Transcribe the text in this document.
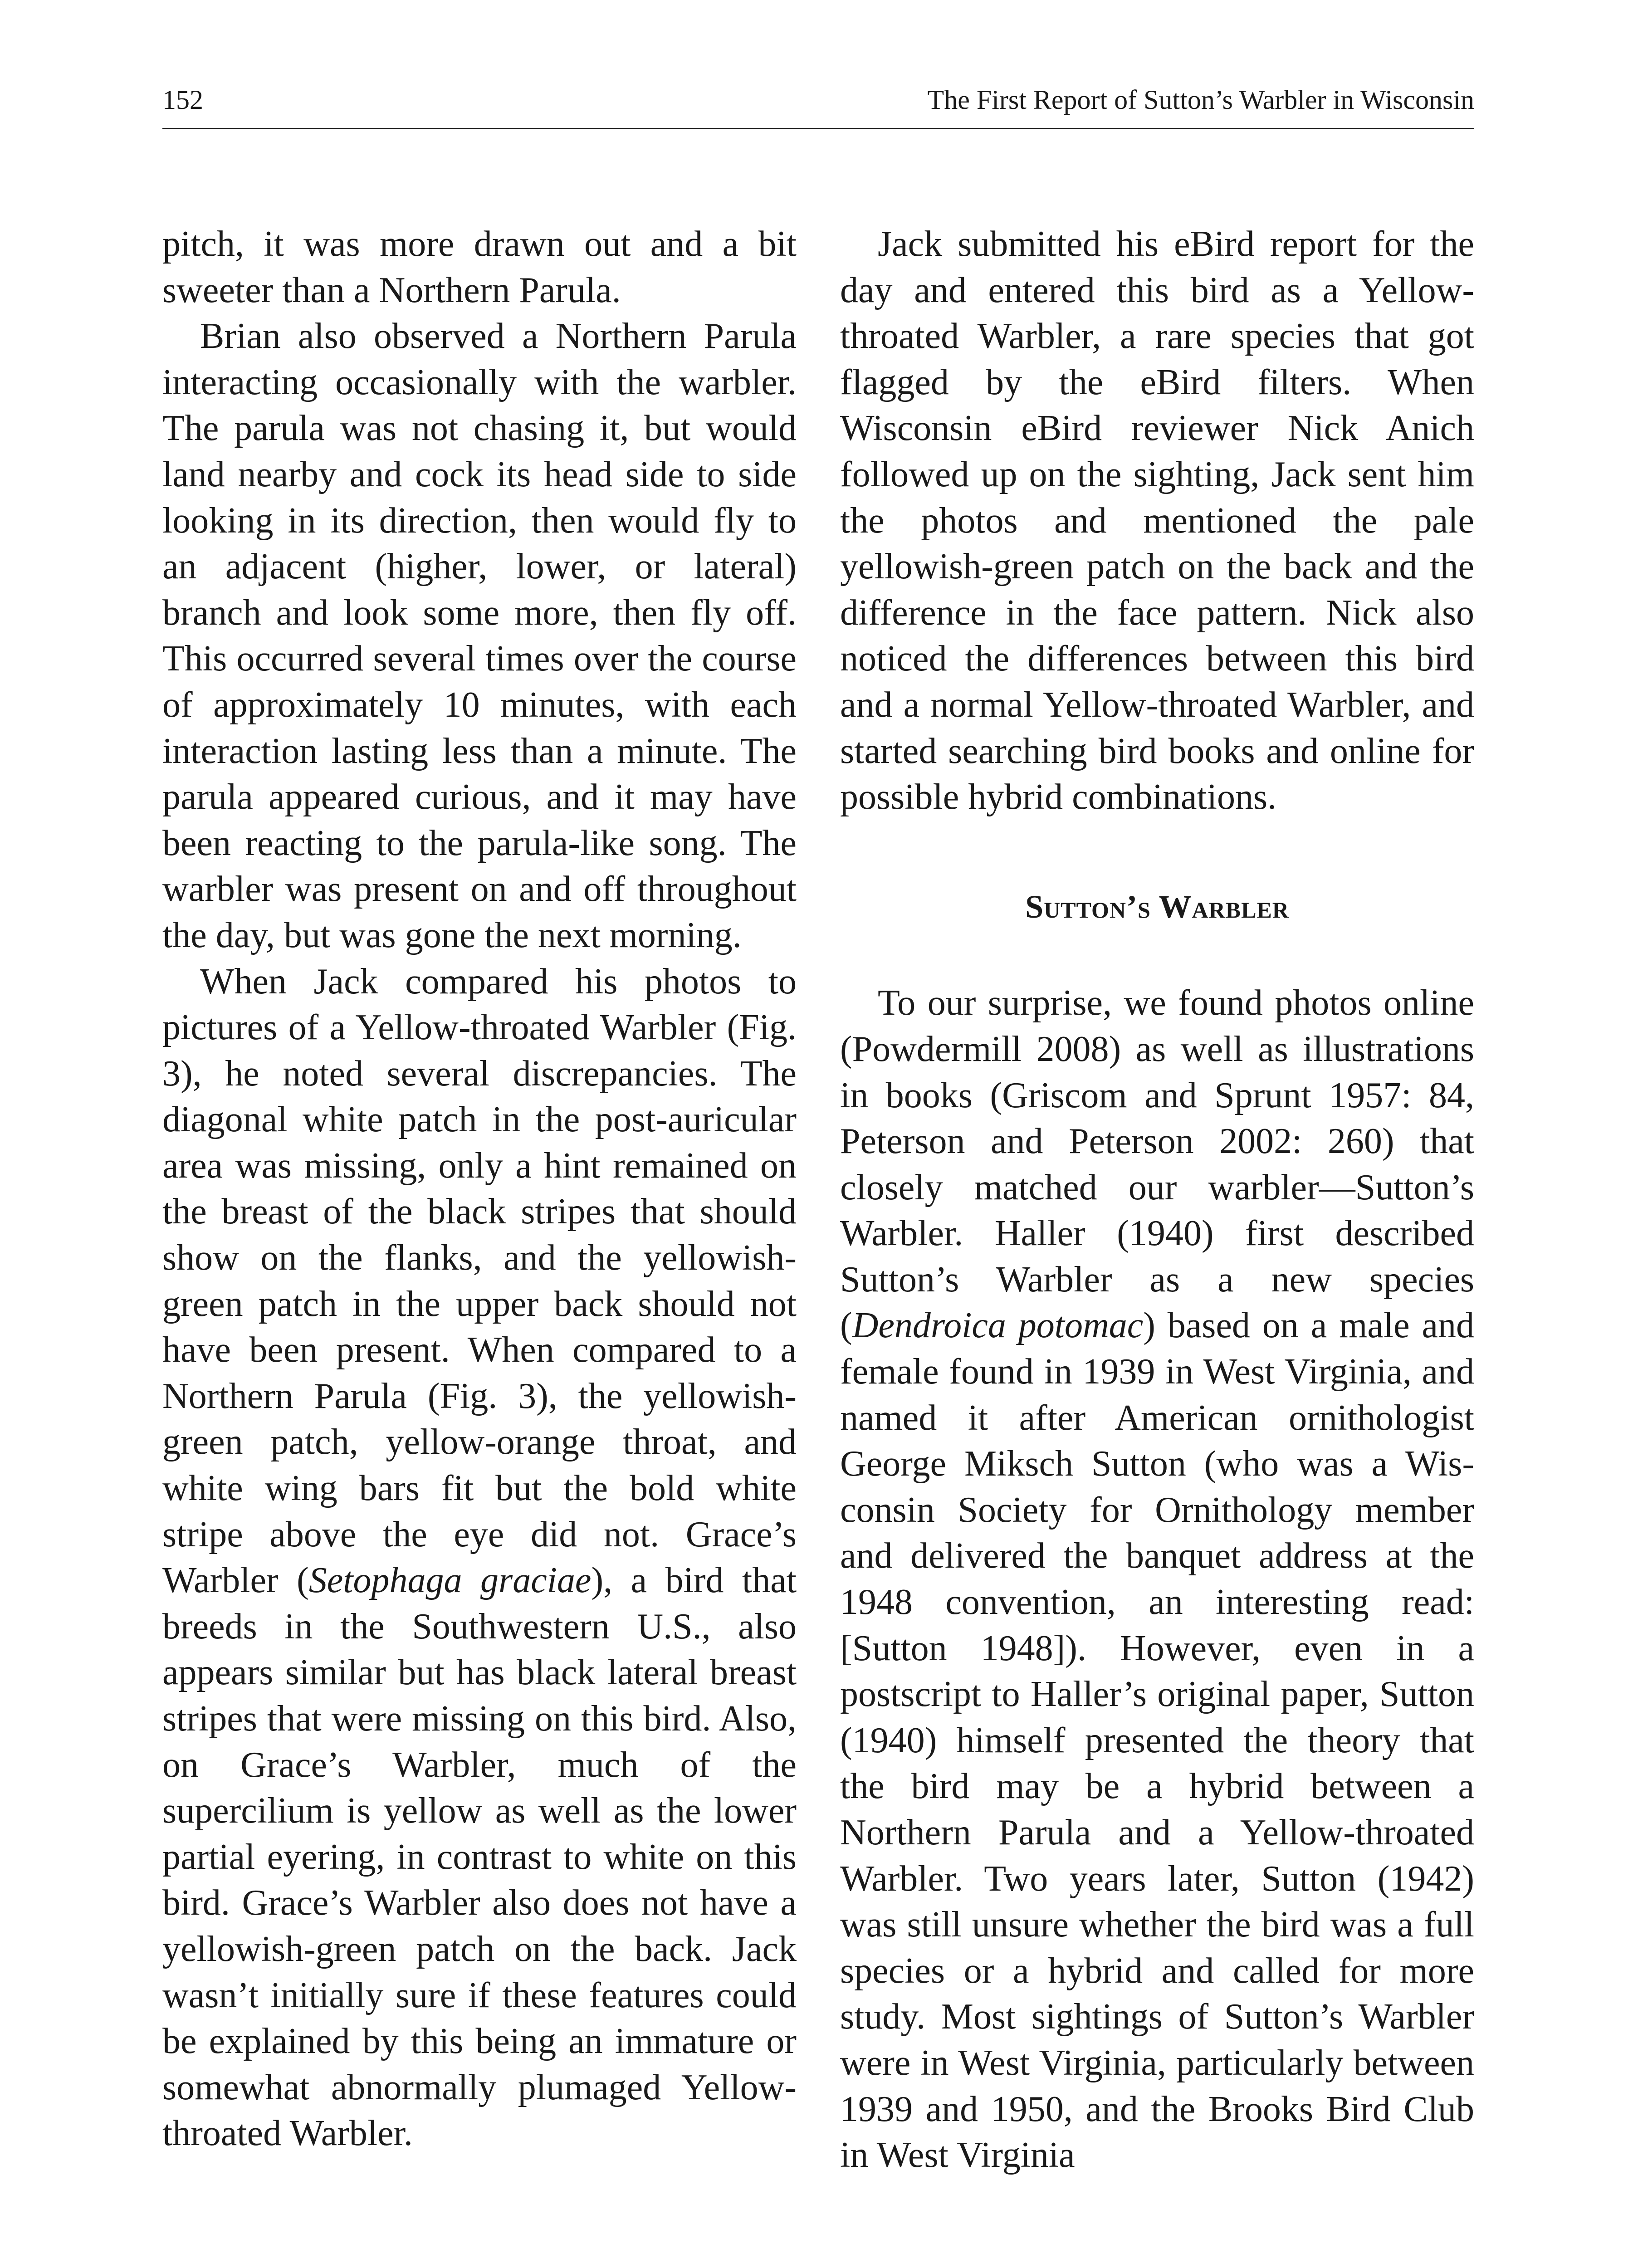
152	The First Report of Sutton’s Warbler in Wisconsin

pitch, it was more drawn out and a bit sweeter than a Northern Parula.

Brian also observed a Northern Parula interacting occasionally with the warbler. The parula was not chasing it, but would land nearby and cock its head side to side looking in its direction, then would fly to an adjacent (higher, lower, or lateral) branch and look some more, then fly off. This occurred several times over the course of approximately 10 minutes, with each interaction lasting less than a minute. The parula appeared curious, and it may have been reacting to the parula-like song. The warbler was present on and off throughout the day, but was gone the next morning.

When Jack compared his photos to pictures of a Yellow-throated Warbler (Fig. 3), he noted several discrepancies. The diagonal white patch in the post-auricular area was missing, only a hint remained on the breast of the black stripes that should show on the flanks, and the yellowish-green patch in the upper back should not have been present. When compared to a Northern Parula (Fig. 3), the yellowish-green patch, yellow-orange throat, and white wing bars fit but the bold white stripe above the eye did not. Grace’s Warbler (Setophaga graciae), a bird that breeds in the Southwestern U.S., also appears similar but has black lateral breast stripes that were missing on this bird. Also, on Grace’s Warbler, much of the supercilium is yellow as well as the lower partial eyering, in contrast to white on this bird. Grace’s Warbler also does not have a yellowish-green patch on the back. Jack wasn’t initially sure if these features could be explained by this being an immature or somewhat abnormally plumaged Yellow-throated Warbler.

Jack submitted his eBird report for the day and entered this bird as a Yellow-throated Warbler, a rare species that got flagged by the eBird filters. When Wisconsin eBird reviewer Nick Anich followed up on the sighting, Jack sent him the photos and mentioned the pale yellowish-green patch on the back and the difference in the face pattern. Nick also noticed the differences between this bird and a normal Yellow-throated Warbler, and started searching bird books and online for possible hybrid combinations.

Sutton’s Warbler

To our surprise, we found photos online (Powdermill 2008) as well as illustrations in books (Griscom and Sprunt 1957: 84, Peterson and Peterson 2002: 260) that closely matched our warbler—Sutton’s Warbler. Haller (1940) first described Sutton’s Warbler as a new species (Dendroica potomac) based on a male and female found in 1939 in West Virginia, and named it after American ornithologist George Miksch Sutton (who was a Wisconsin Society for Ornithology member and delivered the banquet address at the 1948 convention, an interesting read: [Sutton 1948]). However, even in a postscript to Haller’s original paper, Sutton (1940) himself presented the theory that the bird may be a hybrid between a Northern Parula and a Yellow-throated Warbler. Two years later, Sutton (1942) was still unsure whether the bird was a full species or a hybrid and called for more study. Most sightings of Sutton’s Warbler were in West Virginia, particularly between 1939 and 1950, and the Brooks Bird Club in West Virginia
